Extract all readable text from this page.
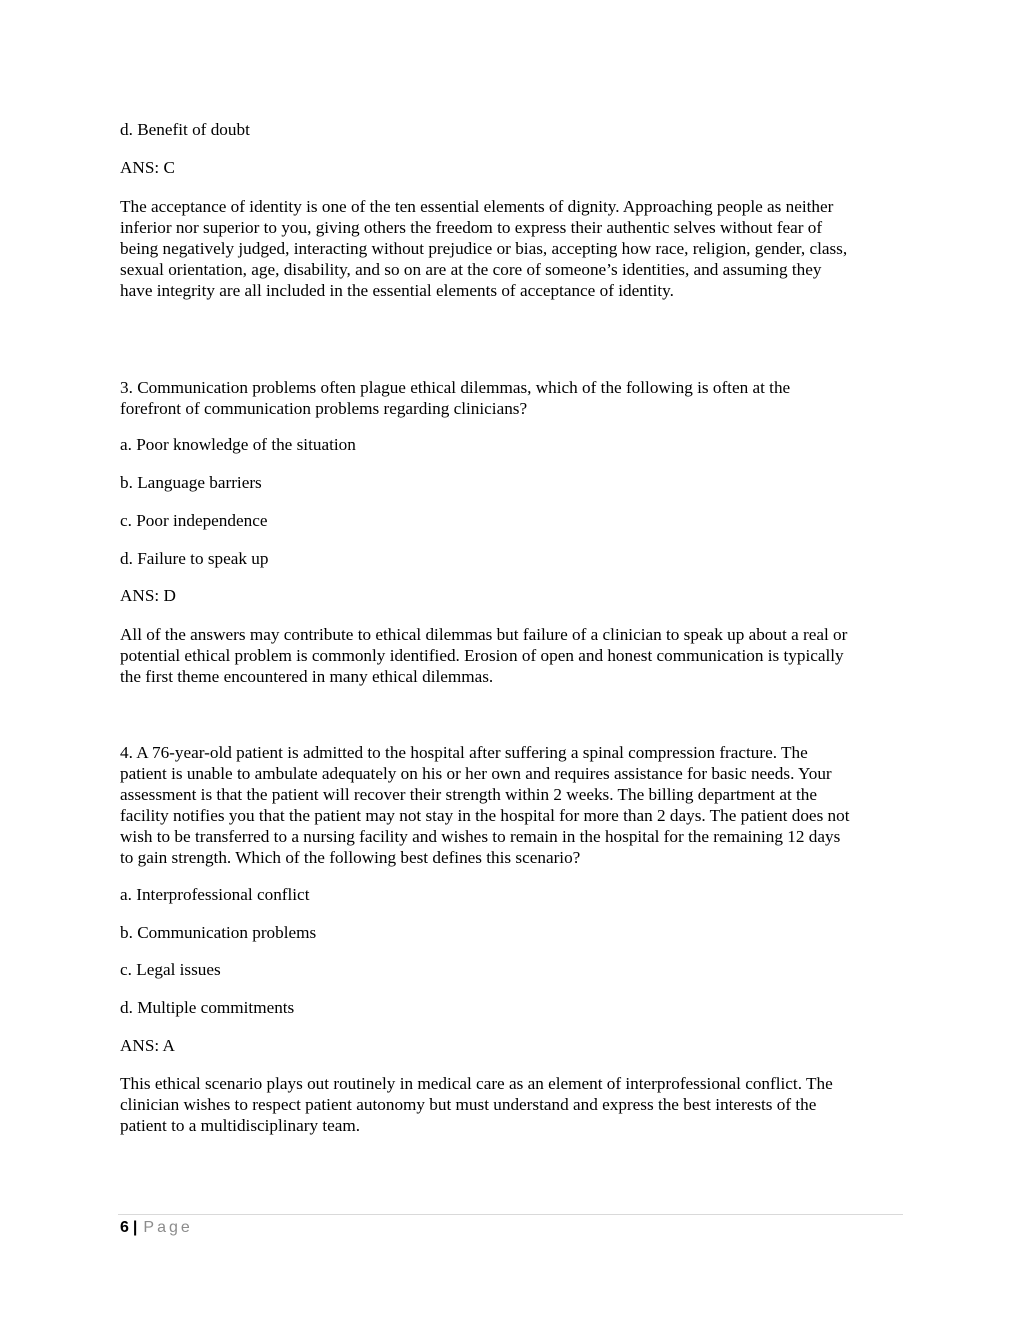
d. Benefit of doubt

ANS: C

The acceptance of identity is one of the ten essential elements of dignity. Approaching people as neither
inferior nor superior to you, giving others the freedom to express their authentic selves without fear of
being negatively judged, interacting without prejudice or bias, accepting how race, religion, gender, class,
sexual orientation, age, disability, and so on are at the core of someone’s identities, and assuming they
have integrity are all included in the essential elements of acceptance of identity.
3. Communication problems often plague ethical dilemmas, which of the following is often at the
forefront of communication problems regarding clinicians?

a. Poor knowledge of the situation

b. Language barriers

c. Poor independence

d. Failure to speak up

ANS: D

All of the answers may contribute to ethical dilemmas but failure of a clinician to speak up about a real or
potential ethical problem is commonly identified. Erosion of open and honest communication is typically
the first theme encountered in many ethical dilemmas.
4. A 76-year-old patient is admitted to the hospital after suffering a spinal compression fracture. The
patient is unable to ambulate adequately on his or her own and requires assistance for basic needs. Your
assessment is that the patient will recover their strength within 2 weeks. The billing department at the
facility notifies you that the patient may not stay in the hospital for more than 2 days. The patient does not
wish to be transferred to a nursing facility and wishes to remain in the hospital for the remaining 12 days
to gain strength. Which of the following best defines this scenario?

a. Interprofessional conflict

b. Communication problems

c. Legal issues

d. Multiple commitments

ANS: A

This ethical scenario plays out routinely in medical care as an element of interprofessional conflict. The
clinician wishes to respect patient autonomy but must understand and express the best interests of the
patient to a multidisciplinary team.
6 | Page
